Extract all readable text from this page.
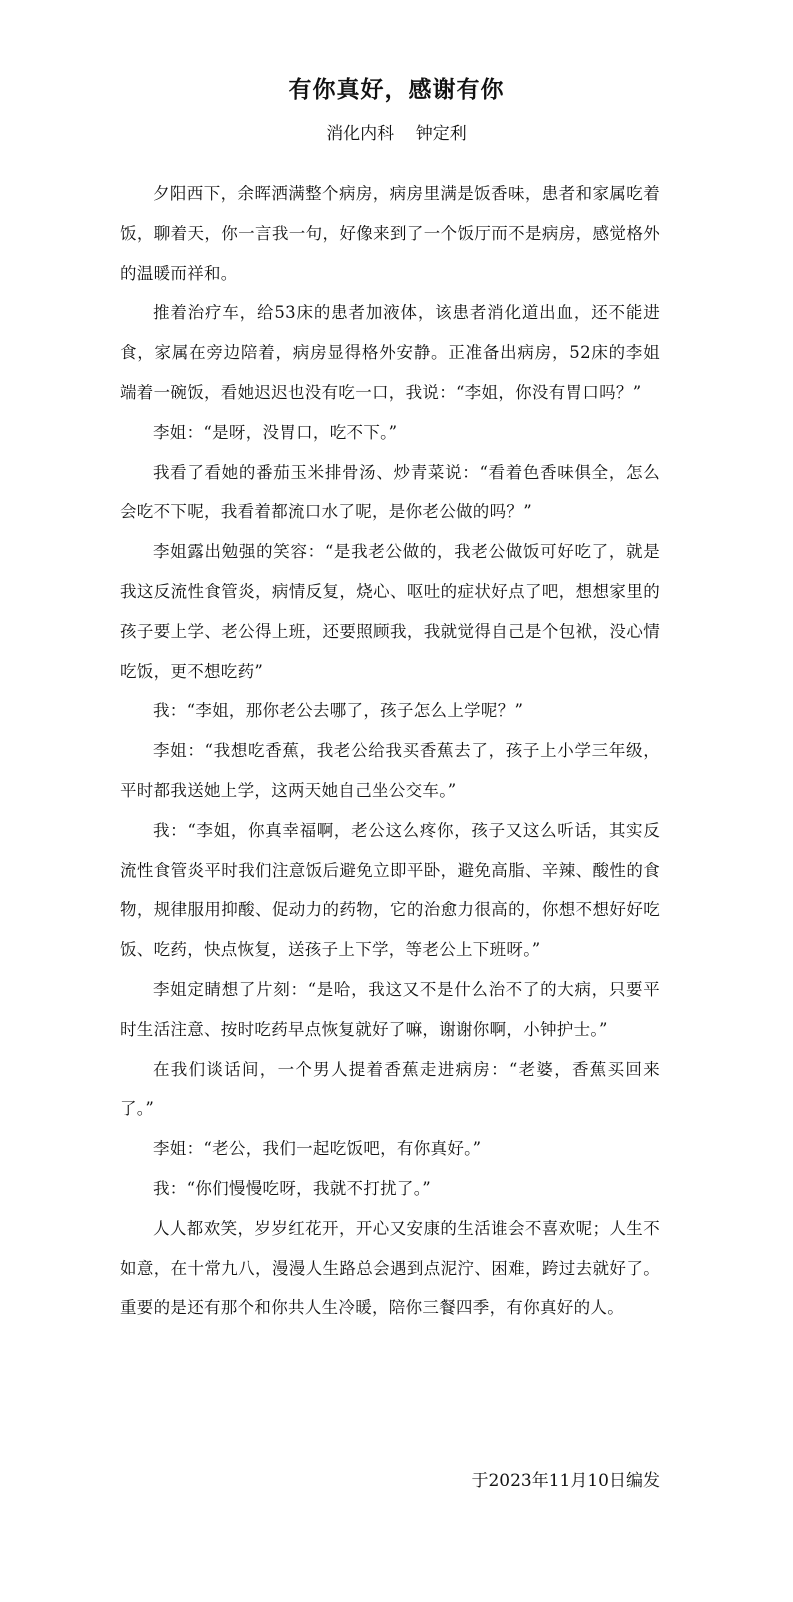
有你真好，感谢有你
消化内科    钟定利

夕阳西下，余晖洒满整个病房，病房里满是饭香味，患者和家属吃着饭，聊着天，你一言我一句，好像来到了一个饭厅而不是病房，感觉格外的温暖而祥和。

推着治疗车，给53床的患者加液体，该患者消化道出血，还不能进食，家属在旁边陪着，病房显得格外安静。正准备出病房，52床的李姐端着一碗饭，看她迟迟也没有吃一口，我说：“李姐，你没有胃口吗？”

李姐：“是呀，没胃口，吃不下。”

我看了看她的番茄玉米排骨汤、炒青菜说：“看着色香味俱全，怎么会吃不下呢，我看着都流口水了呢，是你老公做的吗？”

李姐露出勉强的笑容：“是我老公做的，我老公做饭可好吃了，就是我这反流性食管炎，病情反复，烧心、呕吐的症状好点了吧，想想家里的孩子要上学、老公得上班，还要照顾我，我就觉得自己是个包袱，没心情吃饭，更不想吃药”

我：“李姐，那你老公去哪了，孩子怎么上学呢？”

李姐：“我想吃香蕉，我老公给我买香蕉去了，孩子上小学三年级，平时都我送她上学，这两天她自己坐公交车。”

我：“李姐，你真幸福啊，老公这么疼你，孩子又这么听话，其实反流性食管炎平时我们注意饭后避免立即平卧，避免高脂、辛辣、酸性的食物，规律服用抑酸、促动力的药物，它的治愈力很高的，你想不想好好吃饭、吃药，快点恢复，送孩子上下学，等老公上下班呀。”

李姐定睛想了片刻：“是哈，我这又不是什么治不了的大病，只要平时生活注意、按时吃药早点恢复就好了嘛，谢谢你啊，小钟护士。”

在我们谈话间，一个男人提着香蕉走进病房：“老婆，香蕉买回来了。”

李姐：“老公，我们一起吃饭吧，有你真好。”

我：“你们慢慢吃呀，我就不打扰了。”

人人都欢笑，岁岁红花开，开心又安康的生活谁会不喜欢呢；人生不如意，在十常九八，漫漫人生路总会遇到点泥泞、困难，跨过去就好了。重要的是还有那个和你共人生冷暖，陪你三餐四季，有你真好的人。

于2023年11月10日编发
